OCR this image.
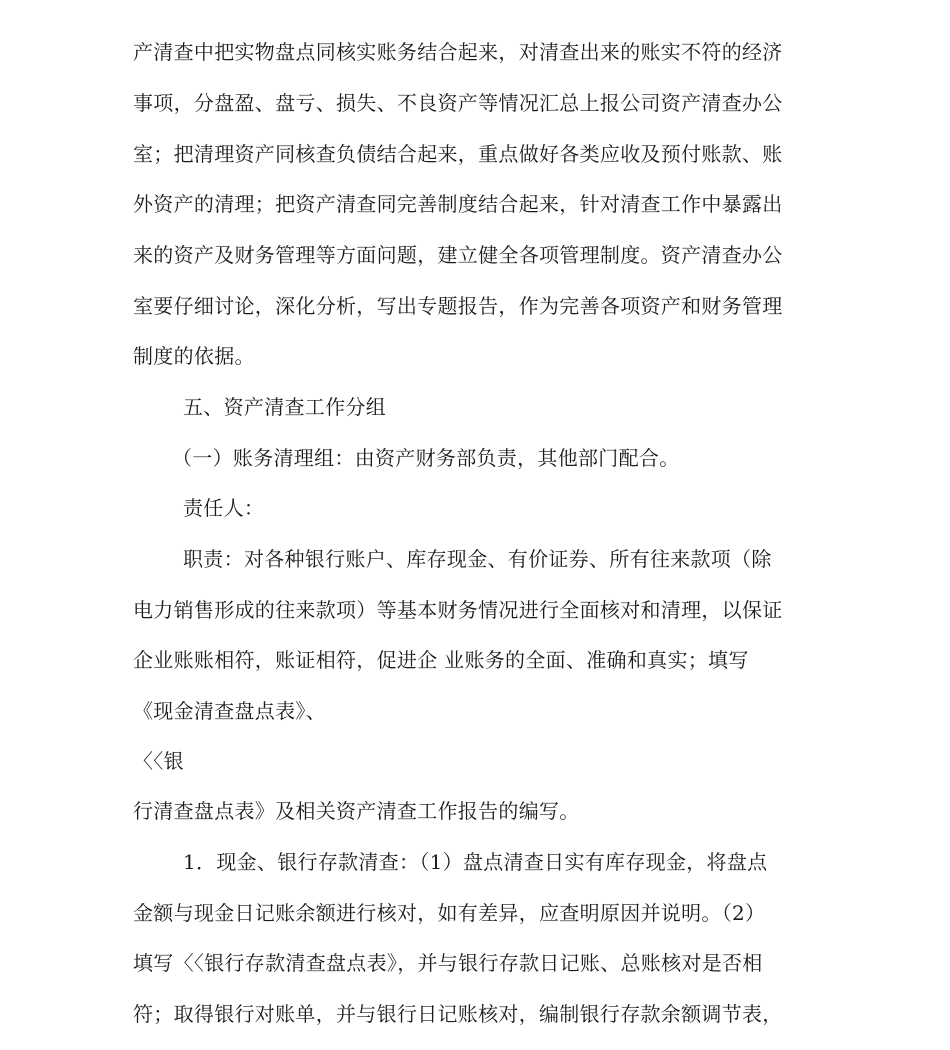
产清查中把实物盘点同核实账务结合起来，对清查出来的账实不符的经济
事项，分盘盈、盘亏、损失、不良资产等情况汇总上报公司资产清查办公
室；把清理资产同核查负债结合起来，重点做好各类应收及预付账款、账
外资产的清理；把资产清查同完善制度结合起来，针对清查工作中暴露出
来的资产及财务管理等方面问题，建立健全各项管理制度。资产清查办公
室要仔细讨论，深化分析，写出专题报告，作为完善各项资产和财务管理
制度的依据。
五、资产清查工作分组
（一）账务清理组：由资产财务部负责，其他部门配合。
责任人：
职责：对各种银行账户、库存现金、有价证券、所有往来款项（除
电力销售形成的往来款项）等基本财务情况进行全面核对和清理，以保证
企业账账相符，账证相符，促进企 业账务的全面、准确和真实；填写
《现金清查盘点表》、
〈〈银
行清查盘点表》及相关资产清查工作报告的编写。
1．现金、银行存款清查：（1）盘点清查日实有库存现金，将盘点
金额与现金日记账余额进行核对，如有差异，应查明原因并说明。（2）
填写〈〈银行存款清查盘点表》，并与银行存款日记账、总账核对是否相
符；取得银行对账单，并与银行日记账核对，编制银行存款余额调节表，
